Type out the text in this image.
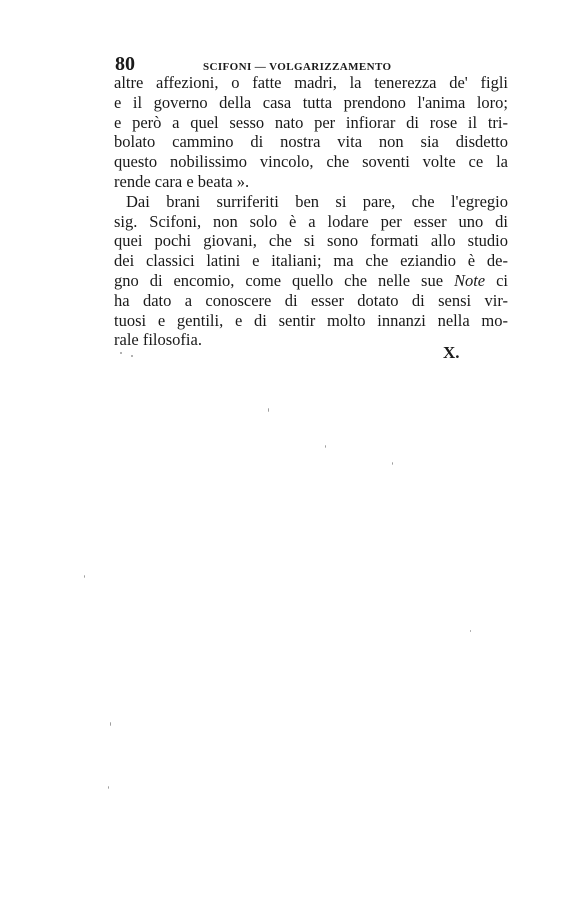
80	SCIFONI — VOLGARIZZAMENTO
altre affezioni, o fatte madri, la tenerezza de' figli
e il governo della casa tutta prendono l'anima loro;
e però a quel sesso nato per infiorar di rose il tri-
bolato cammino di nostra vita non sia disdetto
questo nobilissimo vincolo, che soventi volte ce la
rende cara e beata ».
Dai brani surriferiti ben si pare, che l'egregio
sig. Scifoni, non solo è a lodare per esser uno di
quei pochi giovani, che si sono formati allo studio
dei classici latini e italiani; ma che eziandio è de-
gno di encomio, come quello che nelle sue Note ci
ha dato a conoscere di esser dotato di sensi vir-
tuosi e gentili, e di sentir molto innanzi nella mo-
rale filosofia.
X.
